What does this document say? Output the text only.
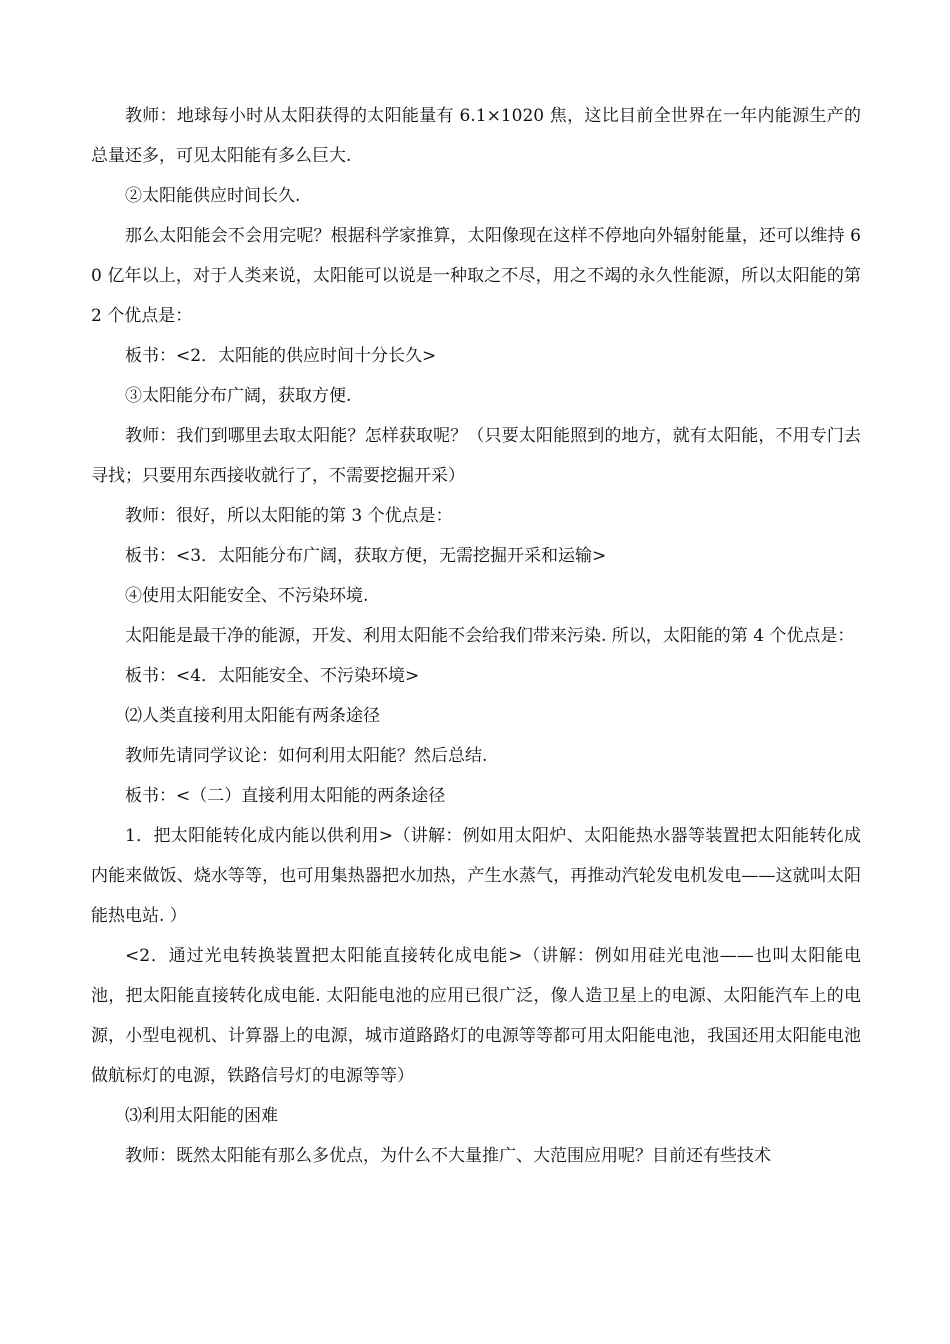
教师：地球每小时从太阳获得的太阳能量有 6.1×1020 焦，这比目前全世界在一年内能源生产的总量还多，可见太阳能有多么巨大.

②太阳能供应时间长久.

那么太阳能会不会用完呢？根据科学家推算，太阳像现在这样不停地向外辐射能量，还可以维持 60 亿年以上，对于人类来说，太阳能可以说是一种取之不尽，用之不竭的永久性能源，所以太阳能的第 2 个优点是：

板书：<2．太阳能的供应时间十分长久>

③太阳能分布广阔，获取方便.

教师：我们到哪里去取太阳能？怎样获取呢？（只要太阳能照到的地方，就有太阳能，不用专门去寻找；只要用东西接收就行了，不需要挖掘开采）

教师：很好，所以太阳能的第 3 个优点是：

板书：<3．太阳能分布广阔，获取方便，无需挖掘开采和运输>

④使用太阳能安全、不污染环境.

太阳能是最干净的能源，开发、利用太阳能不会给我们带来污染. 所以，太阳能的第 4 个优点是：

板书：<4．太阳能安全、不污染环境>

⑵人类直接利用太阳能有两条途径

教师先请同学议论：如何利用太阳能？然后总结.

板书：<（二）直接利用太阳能的两条途径

1．把太阳能转化成内能以供利用>（讲解：例如用太阳炉、太阳能热水器等装置把太阳能转化成内能来做饭、烧水等等，也可用集热器把水加热，产生水蒸气，再推动汽轮发电机发电——这就叫太阳能热电站. ）

<2．通过光电转换装置把太阳能直接转化成电能>（讲解：例如用硅光电池——也叫太阳能电池，把太阳能直接转化成电能. 太阳能电池的应用已很广泛，像人造卫星上的电源、太阳能汽车上的电源，小型电视机、计算器上的电源，城市道路路灯的电源等等都可用太阳能电池，我国还用太阳能电池做航标灯的电源，铁路信号灯的电源等等）

⑶利用太阳能的困难

教师：既然太阳能有那么多优点，为什么不大量推广、大范围应用呢？目前还有些技术
